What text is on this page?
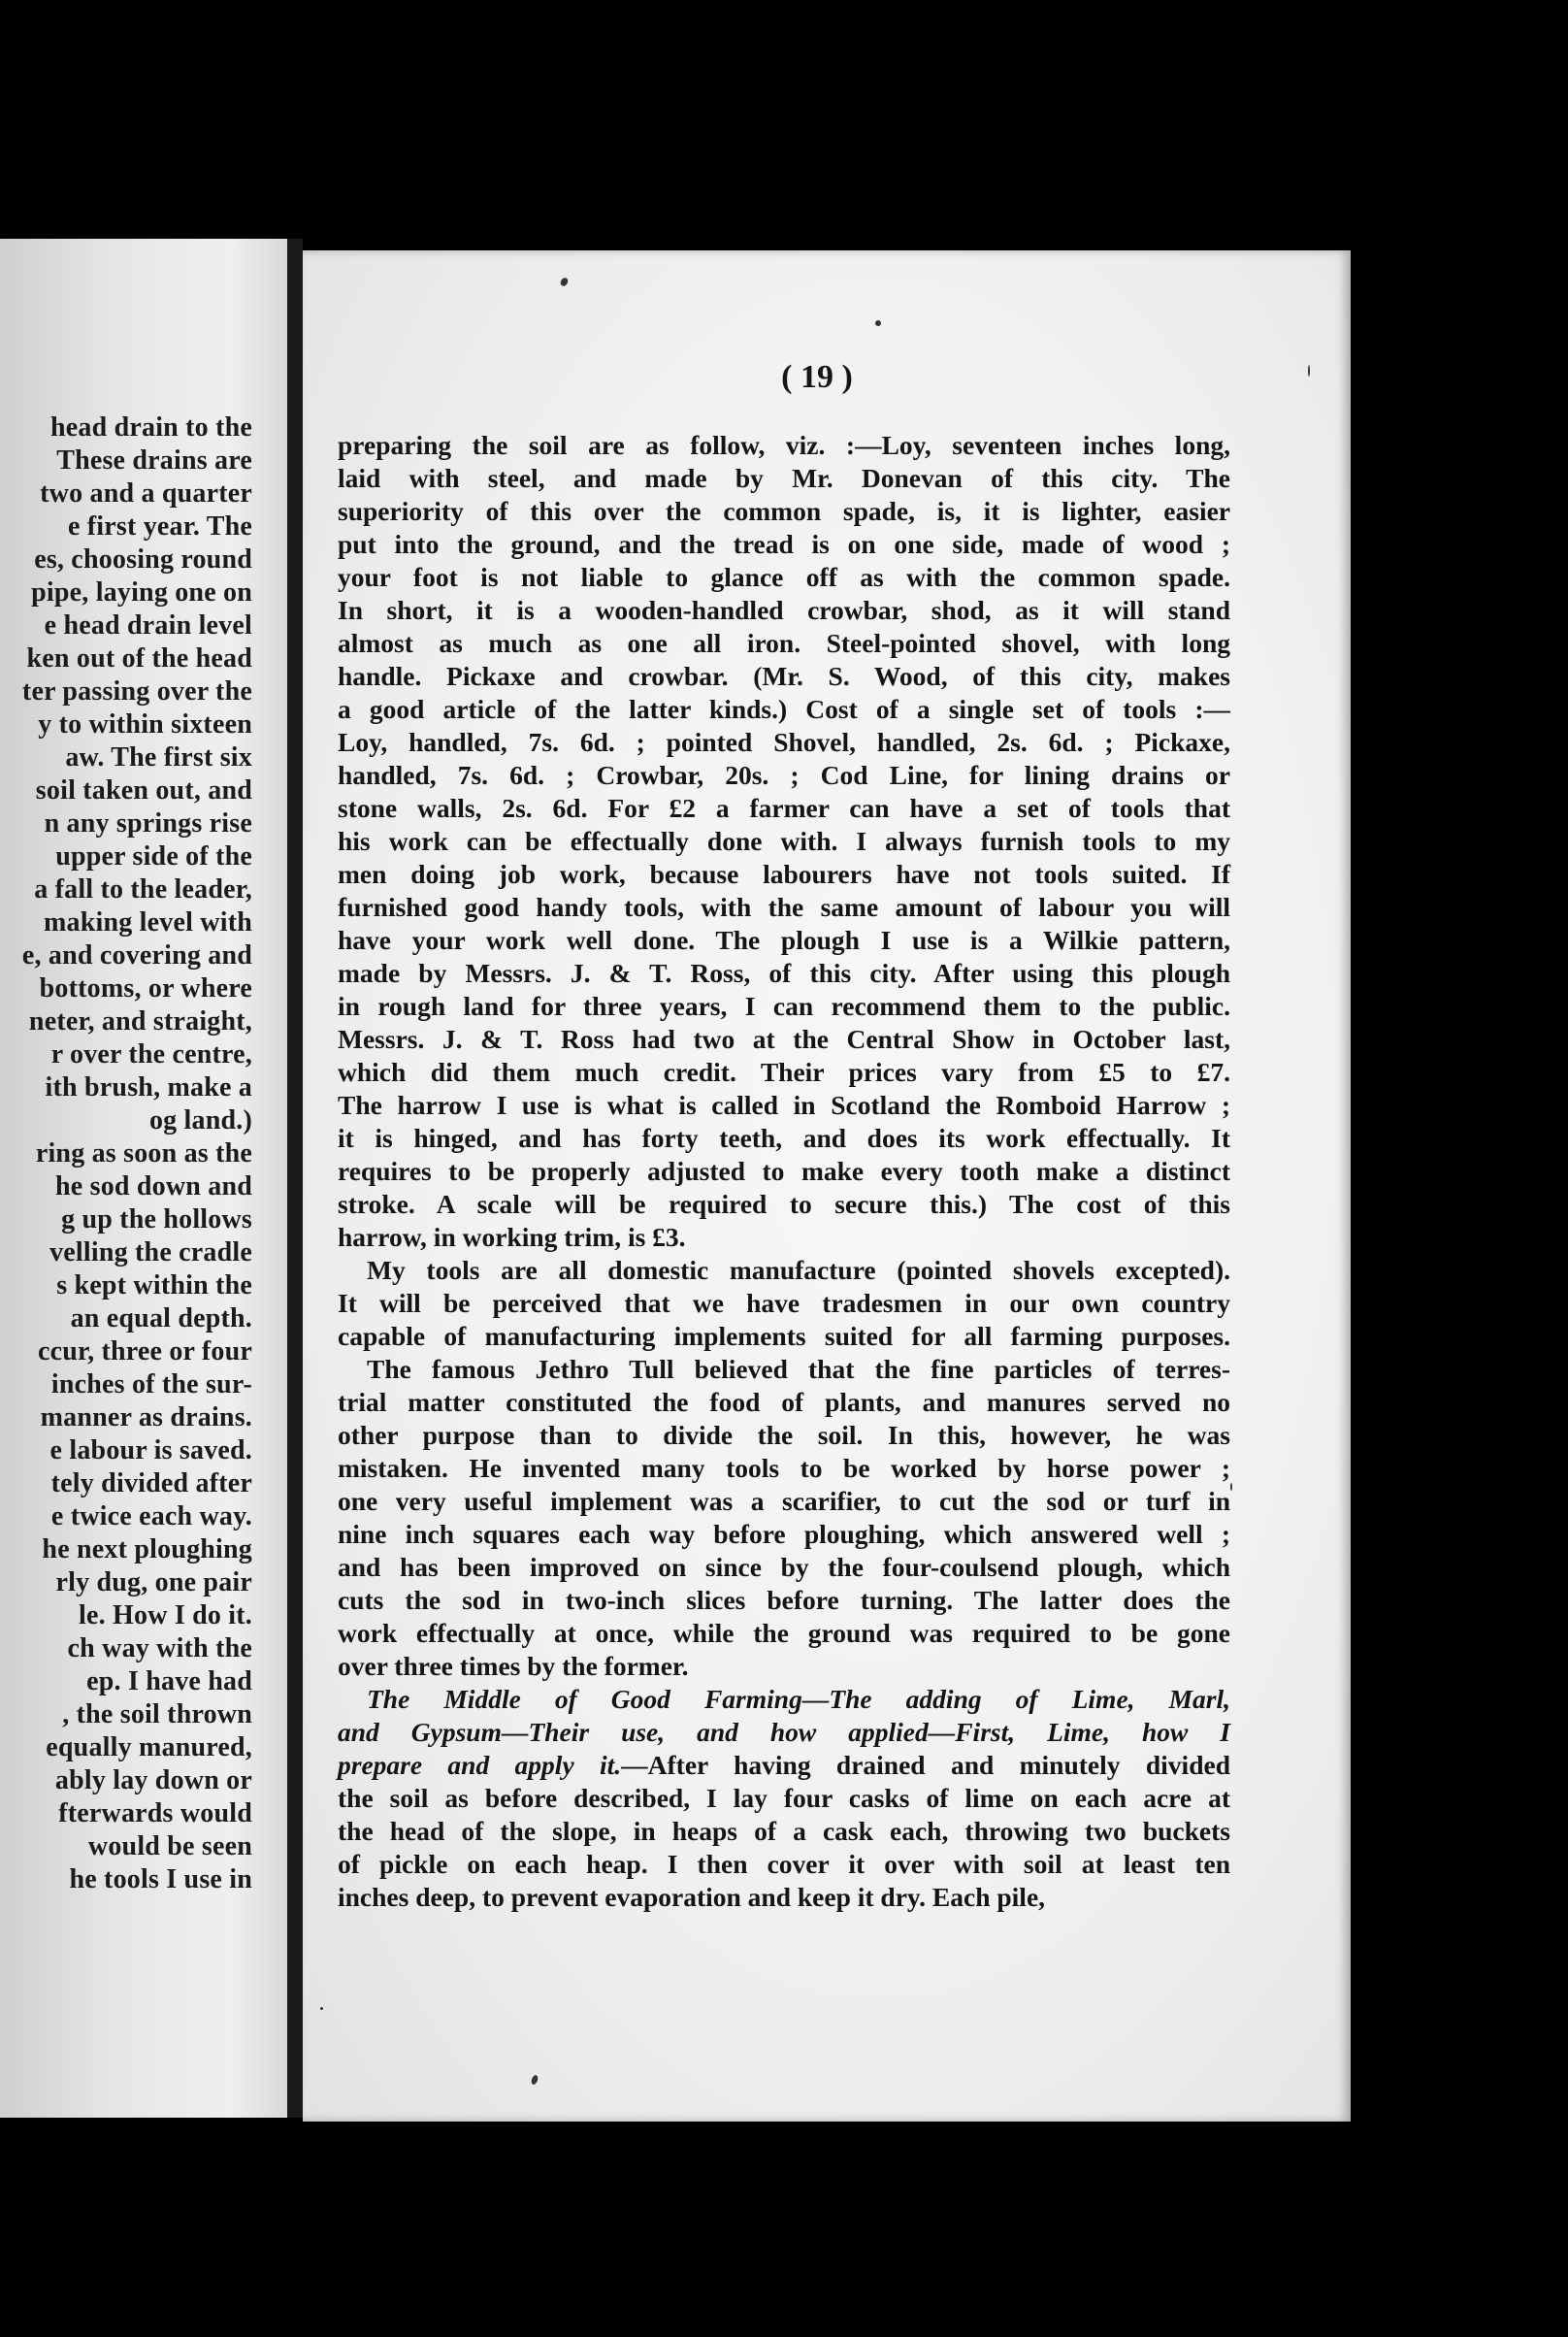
head drain to the
These drains are
two and a quarter
e first year. The
es, choosing round
pipe, laying one on
e head drain level
ken out of the head
ter passing over the
y to within sixteen
aw. The first six
soil taken out, and
n any springs rise
upper side of the
a fall to the leader,
making level with
e, and covering and
bottoms, or where
neter, and straight,
r over the centre,
ith brush, make a
og land.)
ring as soon as the
he sod down and
g up the hollows
velling the cradle
s kept within the
an equal depth.
ccur, three or four
inches of the sur-
manner as drains.
e labour is saved.
tely divided after
e twice each way.
he next ploughing
rly dug, one pair
le. How I do it.
ch way with the
ep. I have had
, the soil thrown
equally manured,
ably lay down or
fterwards would
would be seen
he tools I use in
( 19 )
preparing the soil are as follow, viz. :—Loy, seventeen inches long,
laid with steel, and made by Mr. Donevan of this city. The
superiority of this over the common spade, is, it is lighter, easier
put into the ground, and the tread is on one side, made of wood ;
your foot is not liable to glance off as with the common spade.
In short, it is a wooden-handled crowbar, shod, as it will stand
almost as much as one all iron. Steel-pointed shovel, with long
handle. Pickaxe and crowbar. (Mr. S. Wood, of this city, makes
a good article of the latter kinds.) Cost of a single set of tools :—
Loy, handled, 7s. 6d. ; pointed Shovel, handled, 2s. 6d. ; Pickaxe,
handled, 7s. 6d. ; Crowbar, 20s. ; Cod Line, for lining drains or
stone walls, 2s. 6d. For £2 a farmer can have a set of tools that
his work can be effectually done with. I always furnish tools to my
men doing job work, because labourers have not tools suited. If
furnished good handy tools, with the same amount of labour you will
have your work well done. The plough I use is a Wilkie pattern,
made by Messrs. J. & T. Ross, of this city. After using this plough
in rough land for three years, I can recommend them to the public.
Messrs. J. & T. Ross had two at the Central Show in October last,
which did them much credit. Their prices vary from £5 to £7.
The harrow I use is what is called in Scotland the Romboid Harrow ;
it is hinged, and has forty teeth, and does its work effectually. It
requires to be properly adjusted to make every tooth make a distinct
stroke. A scale will be required to secure this.) The cost of this
harrow, in working trim, is £3.
My tools are all domestic manufacture (pointed shovels excepted).
It will be perceived that we have tradesmen in our own country
capable of manufacturing implements suited for all farming purposes.
The famous Jethro Tull believed that the fine particles of terres-
trial matter constituted the food of plants, and manures served no
other purpose than to divide the soil. In this, however, he was
mistaken. He invented many tools to be worked by horse power ;
one very useful implement was a scarifier, to cut the sod or turf in
nine inch squares each way before ploughing, which answered well ;
and has been improved on since by the four-coulsend plough, which
cuts the sod in two-inch slices before turning. The latter does the
work effectually at once, while the ground was required to be gone
over three times by the former.
The Middle of Good Farming—The adding of Lime, Marl,
and Gypsum—Their use, and how applied—First, Lime, how I
prepare and apply it.—After having drained and minutely divided
the soil as before described, I lay four casks of lime on each acre at
the head of the slope, in heaps of a cask each, throwing two buckets
of pickle on each heap. I then cover it over with soil at least ten
inches deep, to prevent evaporation and keep it dry. Each pile,
